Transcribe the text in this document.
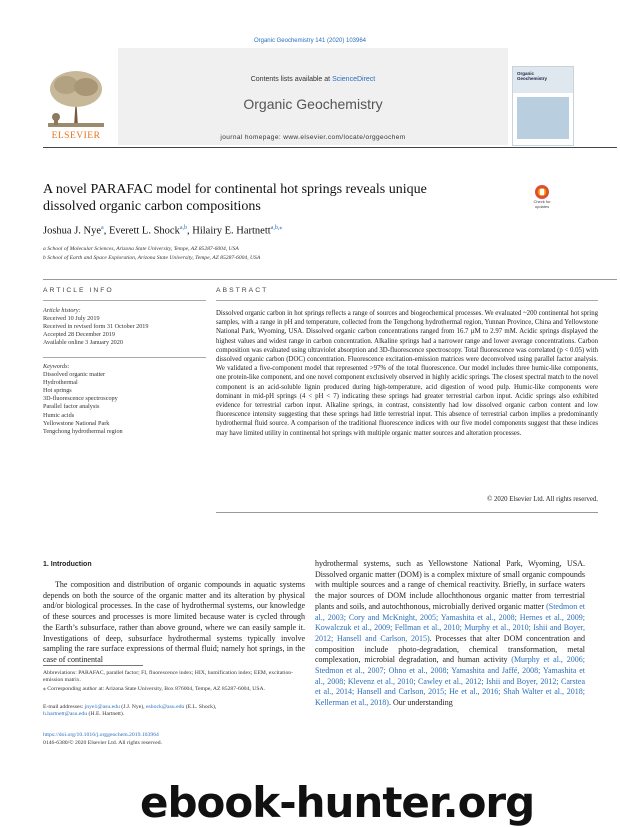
Organic Geochemistry 141 (2020) 103964
ELSEVIER
Contents lists available at ScienceDirect
Organic Geochemistry
journal homepage: www.elsevier.com/locate/orggeochem
Organic
Geochemistry
A novel PARAFAC model for continental hot springs reveals unique
dissolved organic carbon compositions	Check for
updates
Joshua J. Nye$^a$, Everett L. Shock$^{a,b}$, Hilairy E. Hartnett$^{a,b,⁎}$
a School of Molecular Sciences, Arizona State University, Tempe, AZ 85287-6004, USA
b School of Earth and Space Exploration, Arizona State University, Tempe, AZ 85287-6004, USA
ARTICLE INFO	ABSTRACT
Article history:
Received 10 July 2019
Received in revised form 31 October 2019
Accepted 28 December 2019
Available online 3 January 2020
Keywords:
Dissolved organic matter
Hydrothermal
Hot springs
3D-fluorescence spectroscopy
Parallel factor analysis
Humic acids
Yellowstone National Park
Tengchong hydrothermal region
Dissolved organic carbon in hot springs reflects a range of sources and biogeochemical processes. We evaluated ~200 continental hot spring samples, with a range in pH and temperature, collected from the Tengchong hydrothermal region, Yunnan Province, China and Yellowstone National Park, Wyoming, USA. Dissolved organic carbon concentrations ranged from 16.7 µM to 2.97 mM. Acidic springs displayed the highest values and widest range in carbon concentration. Alkaline springs had a narrower range and lower average concentrations. Carbon composition was evaluated using ultraviolet absorption and 3D-fluorescence spectroscopy. Total fluorescence was correlated (p < 0.05) with dissolved organic carbon (DOC) concentration. Fluorescence excitation-emission matrices were deconvolved using parallel factor analysis. We validated a five-component model that represented >97% of the total fluorescence. Our model includes three humic-like components, one protein-like component, and one novel component exclusively observed in highly acidic springs. The closest spectral match to the novel component is an acid-soluble lignin produced during high-temperature, acid digestion of wood pulp. Humic-like components were dominant in mid-pH springs (4 < pH < 7) indicating these springs had greater terrestrial carbon input. Acidic springs also exhibited evidence for terrestrial carbon input. Alkaline springs, in contrast, consistently had low dissolved organic carbon content and low fluorescence intensity suggesting that these springs had little terrestrial input. This absence of terrestrial carbon implies a predominantly hydrothermal fluid source. A comparison of the traditional fluorescence indices with our five model components suggest that these indices may have limited utility in continental hot springs with multiple organic matter sources and alteration processes.
© 2020 Elsevier Ltd. All rights reserved.
1. Introduction
The composition and distribution of organic compounds in aquatic systems depends on both the source of the organic matter and its alteration by physical and/or biological processes. In the case of hydrothermal systems, our knowledge of these sources and processes is more limited because water is cycled through the Earth’s subsurface, rather than above ground, where we can easily sample it. Investigations of deep, subsurface hydrothermal systems typically involve sampling the rare surface expressions of thermal fluid; namely hot springs, in the case of continental
hydrothermal systems, such as Yellowstone National Park, Wyoming, USA. Dissolved organic matter (DOM) is a complex mixture of small organic compounds with multiple sources and a range of chemical reactivity. Briefly, in surface waters the major sources of DOM include allochthonous organic matter from terrestrial plants and soils, and autochthonous, microbially derived organic matter (Stedmon et al., 2003; Cory and McKnight, 2005; Yamashita et al., 2008; Hernes et al., 2009; Kowalczuk et al., 2009; Fellman et al., 2010; Murphy et al., 2010; Ishii and Boyer, 2012; Hansell and Carlson, 2015). Processes that alter DOM concentration and composition include photo-degradation, chemical transformation, metal complexation, microbial degradation, and human activity (Murphy et al., 2006; Stedmon et al., 2007; Ohno et al., 2008; Yamashita and Jaffé, 2008; Yamashita et al., 2008; Klevenz et al., 2010; Cawley et al., 2012; Ishii and Boyer, 2012; Carstea et al., 2014; Hansell and Carlson, 2015; He et al., 2016; Shah Walter et al., 2018; Kellerman et al., 2018). Our understanding
Abbreviations: PARAFAC, parallel factor; FI, fluorescence index; HIX, humification index; EEM, excitation-emission matrix.
⁎ Corresponding author at: Arizona State University, Box 876004, Tempe, AZ 85287-6004, USA.
E-mail addresses: jnye1@asu.edu (J.J. Nye), eshock@asu.edu (E.L. Shock),
h.hartnett@asu.edu (H.E. Hartnett).
https://doi.org/10.1016/j.orggeochem.2019.103964
0146-6380/© 2020 Elsevier Ltd. All rights reserved.
ebook-hunter.org
